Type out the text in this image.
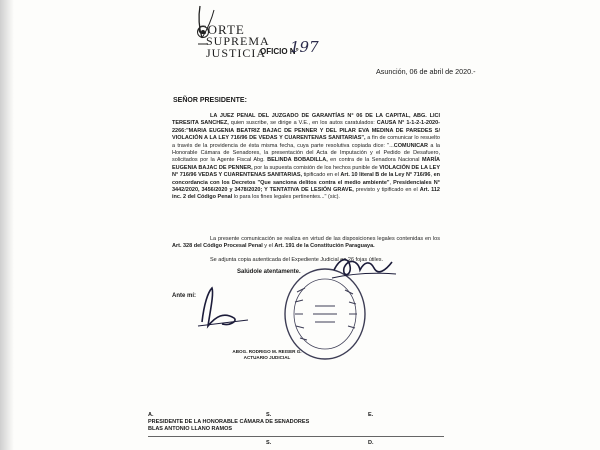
CORTE
SUPREMA
JUSTICIA
OFICIO N°
197
Asunción, 06 de abril de 2020.-
SEÑOR PRESIDENTE:
LA JUEZ PENAL DEL JUZGADO DE GARANTÍAS N° 06 DE LA CAPITAL, ABG. LICI TERESITA SANCHEZ, quien suscribe, se dirige a V.E., en los autos caratulados: CAUSA N° 1-1-2-1-2020-2266:"MARIA EUGENIA BEATRIZ BAJAC DE PENNER Y DEL PILAR EVA MEDINA DE PAREDES S/ VIOLACIÓN A LA LEY 716/96 DE VEDAS Y CUARENTENAS SANITARIAS", a fin de comunicar lo resuelto a través de la providencia de ésta misma fecha, cuya parte resolutiva copiada dice: "...COMUNICAR a la Honorable Cámara de Senadores, la presentación del Acta de Imputación y el Pedido de Desafuero, solicitados por la Agente Fiscal Abg. BELINDA BOBADILLA, en contra de la Senadora Nacional MARÍA EUGENIA BAJAC DE PENNER, por la supuesta comisión de los hechos punible de VIOLACIÓN DE LA LEY N° 716/96 VEDAS Y CUARENTENAS SANITARIAS, tipificado en el Art. 10 literal B de la Ley N° 716/96, en concordancia con los Decretos "Que sanciona delitos contra el medio ambiente", Presidenciales N° 3442/2020, 3456/2020 y 3478/2020; Y TENTATIVA DE LESIÓN GRAVE, previsto y tipificado en el Art. 112 inc. 2 del Código Penal lo para los fines legales pertinentes..." (sic).
La presente comunicación se realiza en virtud de las disposiciones legales contenidas en los Art. 328 del Código Procesal Penal y el Art. 191 de la Constitución Paraguaya.
Se adjunta copia autenticada del Expediente Judicial en 26 fojas útiles.
Salúdole atentamente.
Ante mí:
ABOG. RODRIGO M. REISER G.
ACTUARIO JUDICIAL
A.	S.	E.
PRESIDENTE DE LA HONORABLE CÁMARA DE SENADORES
BLAS ANTONIO LLANO RAMOS
S.	D.
